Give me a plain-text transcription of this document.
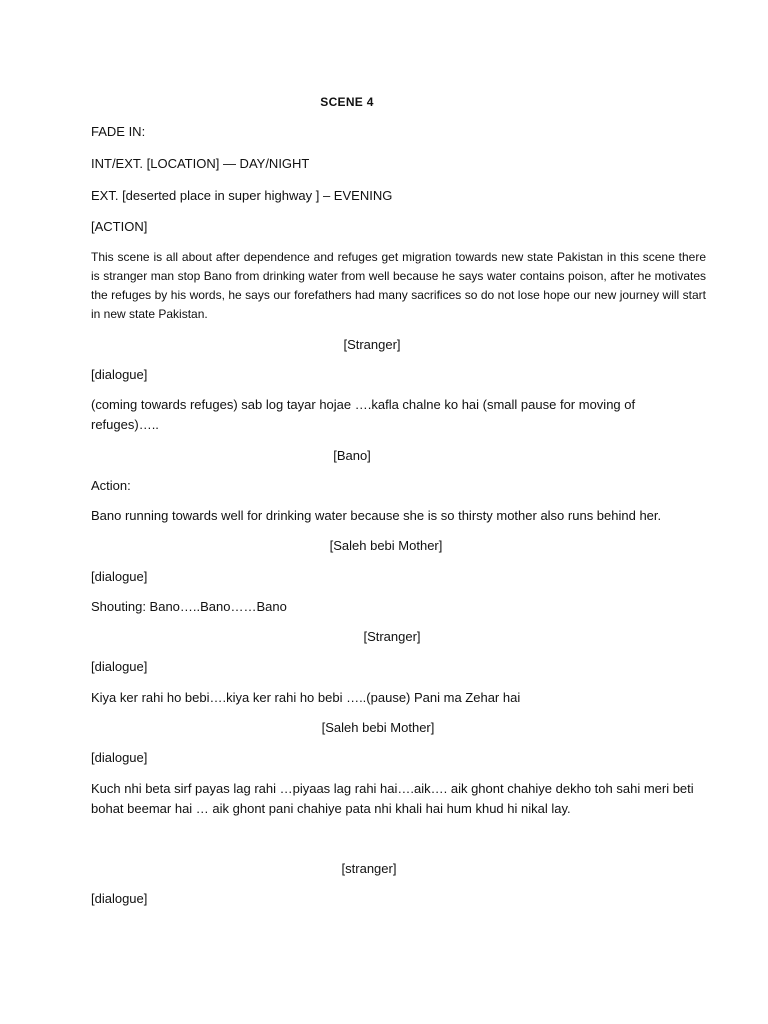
SCENE 4

FADE IN:

INT/EXT. [LOCATION] — DAY/NIGHT

EXT. [deserted place in super highway ] – EVENING

[ACTION]

This scene is all about after dependence and refuges get migration towards new state Pakistan in this scene there is stranger man stop Bano from drinking water from well because he says water contains poison, after he motivates the refuges by his words, he says our forefathers had many sacrifices so do not lose hope our new journey will start in new state Pakistan.

[Stranger]

[dialogue]

(coming towards refuges) sab log tayar hojae ….kafla chalne ko hai (small pause for moving of refuges)…..

[Bano]

Action:

Bano running towards well for drinking water because she is so thirsty mother also runs behind her.

[Saleh bebi Mother]

[dialogue]

Shouting: Bano…..Bano……Bano

[Stranger]

[dialogue]

Kiya ker rahi ho bebi….kiya ker rahi ho bebi …..(pause) Pani ma Zehar hai

[Saleh bebi Mother]

[dialogue]

Kuch nhi beta sirf payas lag rahi …piyaas lag rahi hai….aik…. aik ghont chahiye dekho toh sahi meri beti bohat beemar hai … aik ghont pani chahiye pata nhi khali hai hum khud hi nikal lay.

[stranger]

[dialogue]
